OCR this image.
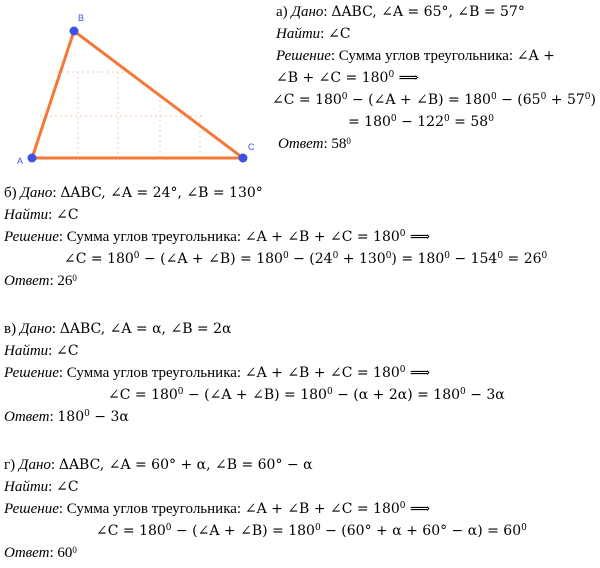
A
B
C
а) Дано: ΔABC, ∠A = 65°, ∠B = 57°
Найти: ∠C
Решение: Сумма углов треугольника: ∠A +
∠B + ∠C = $180^0$ ⟹
∠C = $180^0$ − (∠A + ∠B) = $180^0 - (65^0 + 57^0)$
= $180^0 - 122^0 = 58^0$
Ответ: $58^0$
б) Дано: ΔABC, ∠A = 24°, ∠B = 130°
Найти: ∠C
Решение: Сумма углов треугольника: ∠A + ∠B + ∠C = $180^0$ ⟹
∠C = $180^0$ − (∠A + ∠B) = $180^0 - (24^0 + 130^0) = 180^0 - 154^0 = 26^0$
Ответ: $26^0$
в) Дано: ΔABC, ∠A = α, ∠B = 2α
Найти: ∠C
Решение: Сумма углов треугольника: ∠A + ∠B + ∠C = $180^0$ ⟹
∠C = $180^0$ − (∠A + ∠B) = $180^0 - (\alpha + 2\alpha) = 180^0 - 3\alpha$
Ответ: $180^0 - 3\alpha$
г) Дано: ΔABC, ∠A = 60° + α, ∠B = 60° − α
Найти: ∠C
Решение: Сумма углов треугольника: ∠A + ∠B + ∠C = $180^0$ ⟹
∠C = $180^0$ − (∠A + ∠B) = $180^0 - (60^\circ + \alpha + 60^\circ - \alpha) = 60^0$
Ответ: $60^0$
